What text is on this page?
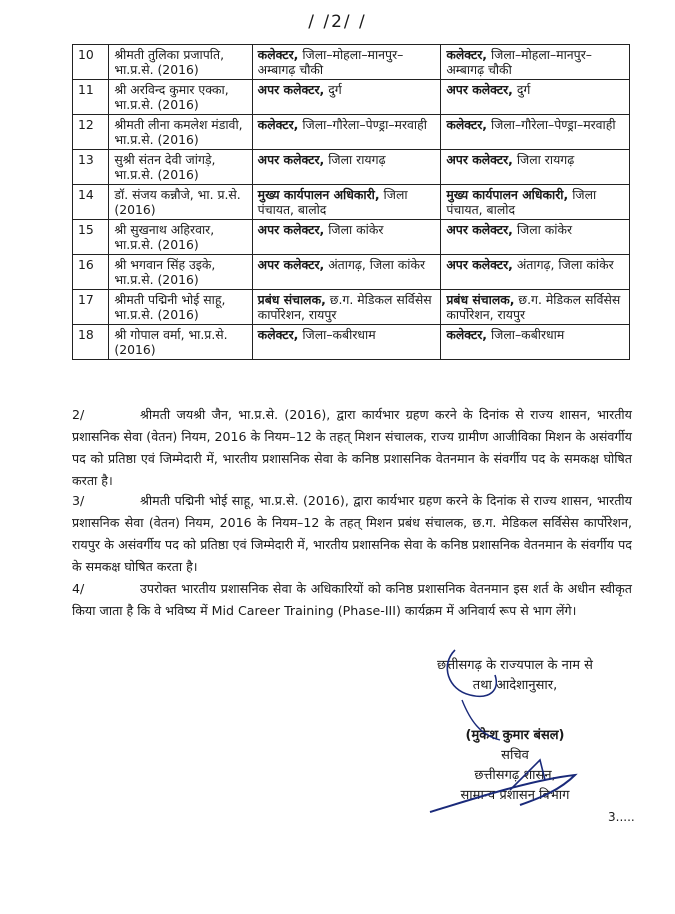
/ /2/ /
10	श्रीमती तुलिका प्रजापति, भा.प्र.से. (2016)	कलेक्टर, जिला–मोहला–मानपुर–अम्बागढ़ चौकी	कलेक्टर, जिला–मोहला–मानपुर–अम्बागढ़ चौकी
11	श्री अरविन्द कुमार एक्का, भा.प्र.से. (2016)	अपर कलेक्टर, दुर्ग	अपर कलेक्टर, दुर्ग
12	श्रीमती लीना कमलेश मंडावी, भा.प्र.से. (2016)	कलेक्टर, जिला–गौरेला–पेण्ड्रा–मरवाही	कलेक्टर, जिला–गौरेला–पेण्ड्रा–मरवाही
13	सुश्री संतन देवी जांगड़े, भा.प्र.से. (2016)	अपर कलेक्टर, जिला रायगढ़	अपर कलेक्टर, जिला रायगढ़
14	डॉ. संजय कन्नौजे, भा. प्र.से. (2016)	मुख्य कार्यपालन अधिकारी, जिला पंचायत, बालोद	मुख्य कार्यपालन अधिकारी, जिला पंचायत, बालोद
15	श्री सुखनाथ अहिरवार, भा.प्र.से. (2016)	अपर कलेक्टर, जिला कांकेर	अपर कलेक्टर, जिला कांकेर
16	श्री भगवान सिंह उइके, भा.प्र.से. (2016)	अपर कलेक्टर, अंतागढ़, जिला कांकेर	अपर कलेक्टर, अंतागढ़, जिला कांकेर
17	श्रीमती पद्मिनी भोई साहू, भा.प्र.से. (2016)	प्रबंध संचालक, छ.ग. मेडिकल सर्विसेस कार्पोरेशन, रायपुर	प्रबंध संचालक, छ.ग. मेडिकल सर्विसेस कार्पोरेशन, रायपुर
18	श्री गोपाल वर्मा, भा.प्र.से. (2016)	कलेक्टर, जिला–कबीरधाम	कलेक्टर, जिला–कबीरधाम
2/	श्रीमती जयश्री जैन, भा.प्र.से. (2016), द्वारा कार्यभार ग्रहण करने के दिनांक से राज्य शासन, भारतीय प्रशासनिक सेवा (वेतन) नियम, 2016 के नियम–12 के तहत् मिशन संचालक, राज्य ग्रामीण आजीविका मिशन के असंवर्गीय पद को प्रतिष्ठा एवं जिम्मेदारी में, भारतीय प्रशासनिक सेवा के कनिष्ठ प्रशासनिक वेतनमान के संवर्गीय पद के समकक्ष घोषित करता है।
3/	श्रीमती पद्मिनी भोई साहू, भा.प्र.से. (2016), द्वारा कार्यभार ग्रहण करने के दिनांक से राज्य शासन, भारतीय प्रशासनिक सेवा (वेतन) नियम, 2016 के नियम–12 के तहत् मिशन प्रबंध संचालक, छ.ग. मेडिकल सर्विसेस कार्पोरेशन, रायपुर के असंवर्गीय पद को प्रतिष्ठा एवं जिम्मेदारी में, भारतीय प्रशासनिक सेवा के कनिष्ठ प्रशासनिक वेतनमान के संवर्गीय पद के समकक्ष घोषित करता है।
4/	उपरोक्त भारतीय प्रशासनिक सेवा के अधिकारियों को कनिष्ठ प्रशासनिक वेतनमान इस शर्त के अधीन स्वीकृत किया जाता है कि वे भविष्य में Mid Career Training (Phase-III) कार्यक्रम में अनिवार्य रूप से भाग लेंगे।
छत्तीसगढ़ के राज्यपाल के नाम से
तथा आदेशानुसार,
(मुकेश कुमार बंसल)
सचिव
छत्तीसगढ़ शासन,
सामान्य प्रशासन विभाग
3.....
